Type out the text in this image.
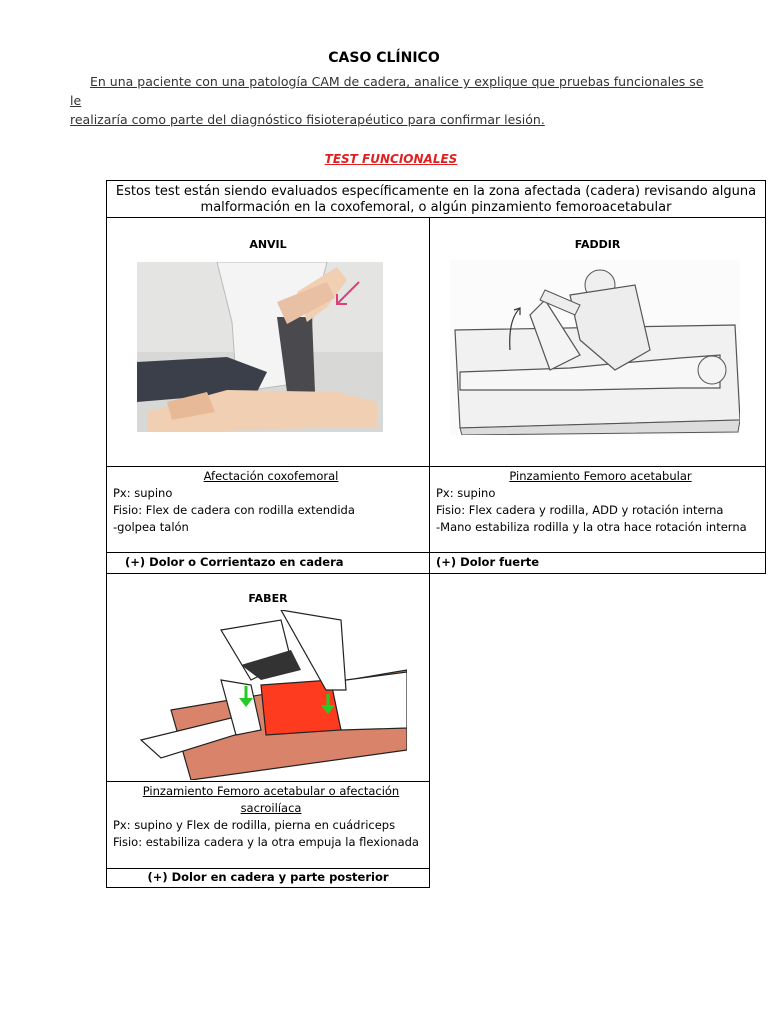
CASO CLÍNICO
En una paciente con una patología CAM de cadera, analice y explique que pruebas funcionales se le
realizaría como parte del diagnóstico fisioterapéutico para confirmar lesión.
TEST FUNCIONALES
Estos test están siendo evaluados específicamente en la zona afectada (cadera) revisando alguna malformación en la coxofemoral, o algún pinzamiento femoroacetabular
ANVIL	FADDIR
Afectación coxofemoral
Px: supino
Fisio: Flex de cadera con rodilla extendida
-golpea talón
Pinzamiento Femoro acetabular
Px: supino
Fisio: Flex cadera y rodilla, ADD y rotación interna
-Mano estabiliza rodilla y la otra hace rotación interna
(+) Dolor o Corrientazo en cadera	(+) Dolor fuerte
FABER
Pinzamiento Femoro acetabular o afectación
sacroilíaca
Px: supino y Flex de rodilla, pierna en cuádriceps
Fisio: estabiliza cadera y la otra empuja la flexionada
(+) Dolor en cadera y parte posterior
